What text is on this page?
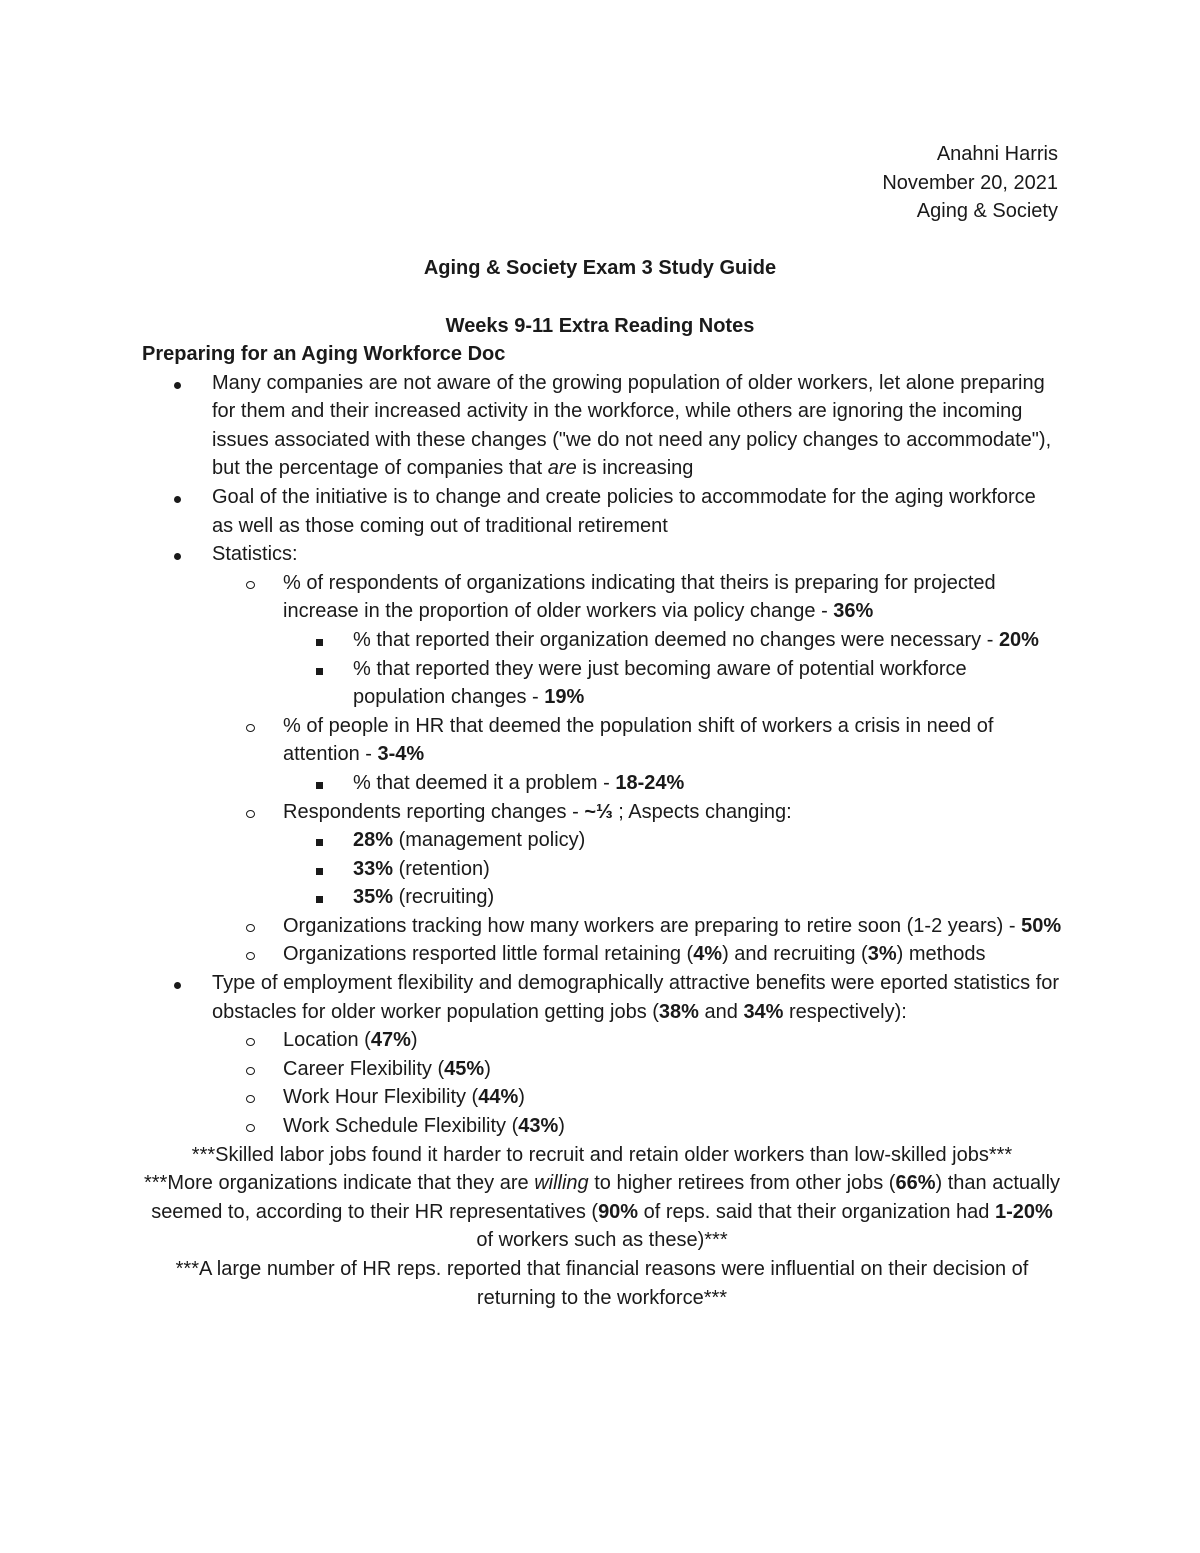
Anahni Harris
November 20, 2021
Aging & Society
Aging & Society Exam 3 Study Guide
Weeks 9-11 Extra Reading Notes
Preparing for an Aging Workforce Doc
Many companies are not aware of the growing population of older workers, let alone preparing for them and their increased activity in the workforce, while others are ignoring the incoming issues associated with these changes ("we do not need any policy changes to accommodate"), but the percentage of companies that are is increasing
Goal of the initiative is to change and create policies to accommodate for the aging workforce as well as those coming out of traditional retirement
Statistics:
% of respondents of organizations indicating that theirs is preparing for projected increase in the proportion of older workers via policy change - 36%
% that reported their organization deemed no changes were necessary - 20%
% that reported they were just becoming aware of potential workforce population changes - 19%
% of people in HR that deemed the population shift of workers a crisis in need of attention - 3-4%
% that deemed it a problem - 18-24%
Respondents reporting changes - ~⅓ ; Aspects changing:
28% (management policy)
33% (retention)
35% (recruiting)
Organizations tracking how many workers are preparing to retire soon (1-2 years) - 50%
Organizations resported little formal retaining (4%) and recruiting (3%) methods
Type of employment flexibility and demographically attractive benefits were eported statistics for obstacles for older worker population getting jobs (38% and 34% respectively):
Location (47%)
Career Flexibility (45%)
Work Hour Flexibility (44%)
Work Schedule Flexibility (43%)
***Skilled labor jobs found it harder to recruit and retain older workers than low-skilled jobs***
***More organizations indicate that they are willing to higher retirees from other jobs (66%) than actually seemed to, according to their HR representatives (90% of reps. said that their organization had 1-20% of workers such as these)***
***A large number of HR reps. reported that financial reasons were influential on their decision of returning to the workforce***
